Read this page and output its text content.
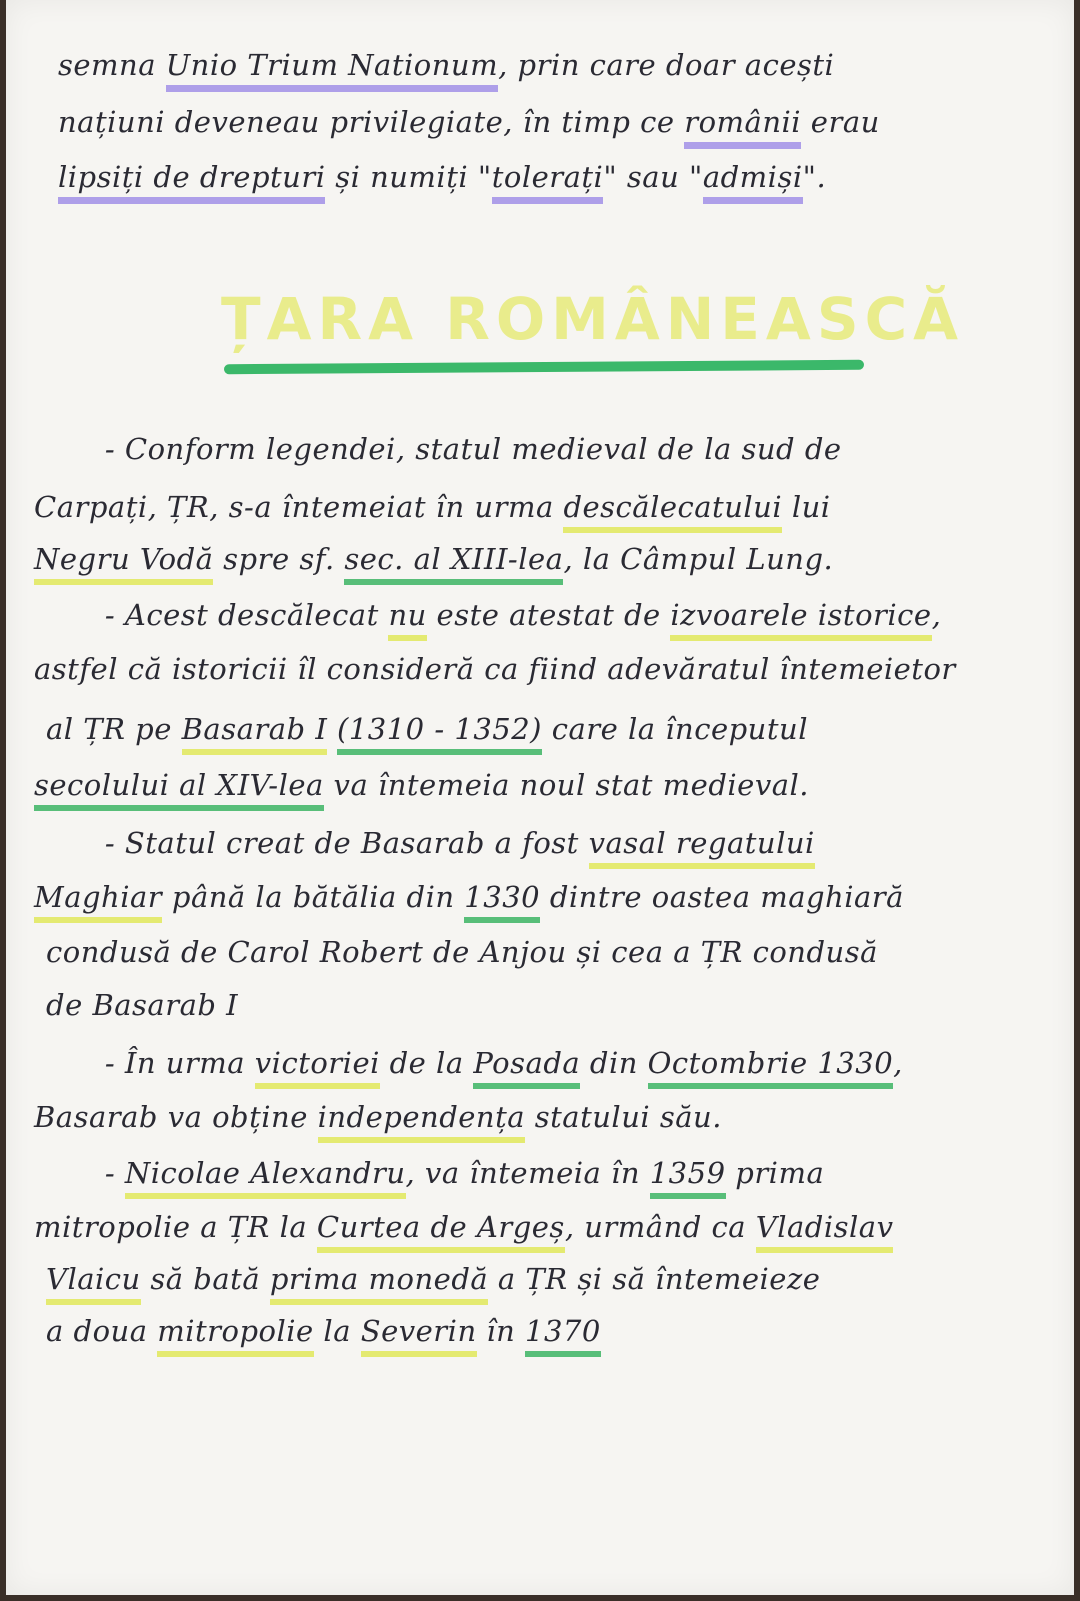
semna Unio Trium Nationum, prin care doar acești
națiuni deveneau privilegiate, în timp ce românii erau
lipsiți de drepturi și numiți "tolerați" sau "admiși".
ȚARA ROMÂNEASCĂ
- Conform legendei, statul medieval de la sud de
Carpați, ȚR, s-a întemeiat în urma descălecatului lui
Negru Vodă spre sf. sec. al XIII-lea, la Câmpul Lung.
- Acest descălecat nu este atestat de izvoarele istorice,
astfel că istoricii îl consideră ca fiind adevăratul întemeietor
al ȚR pe Basarab I (1310 - 1352) care la începutul
secolului al XIV-lea va întemeia noul stat medieval.
- Statul creat de Basarab a fost vasal regatului
Maghiar până la bătălia din 1330 dintre oastea maghiară
condusă de Carol Robert de Anjou și cea a ȚR condusă
de Basarab I
- În urma victoriei de la Posada din Octombrie 1330,
Basarab va obține independența statului său.
- Nicolae Alexandru, va întemeia în 1359 prima
mitropolie a ȚR la Curtea de Argeș, urmând ca Vladislav
Vlaicu să bată prima monedă a ȚR și să întemeieze
a doua mitropolie la Severin în 1370
